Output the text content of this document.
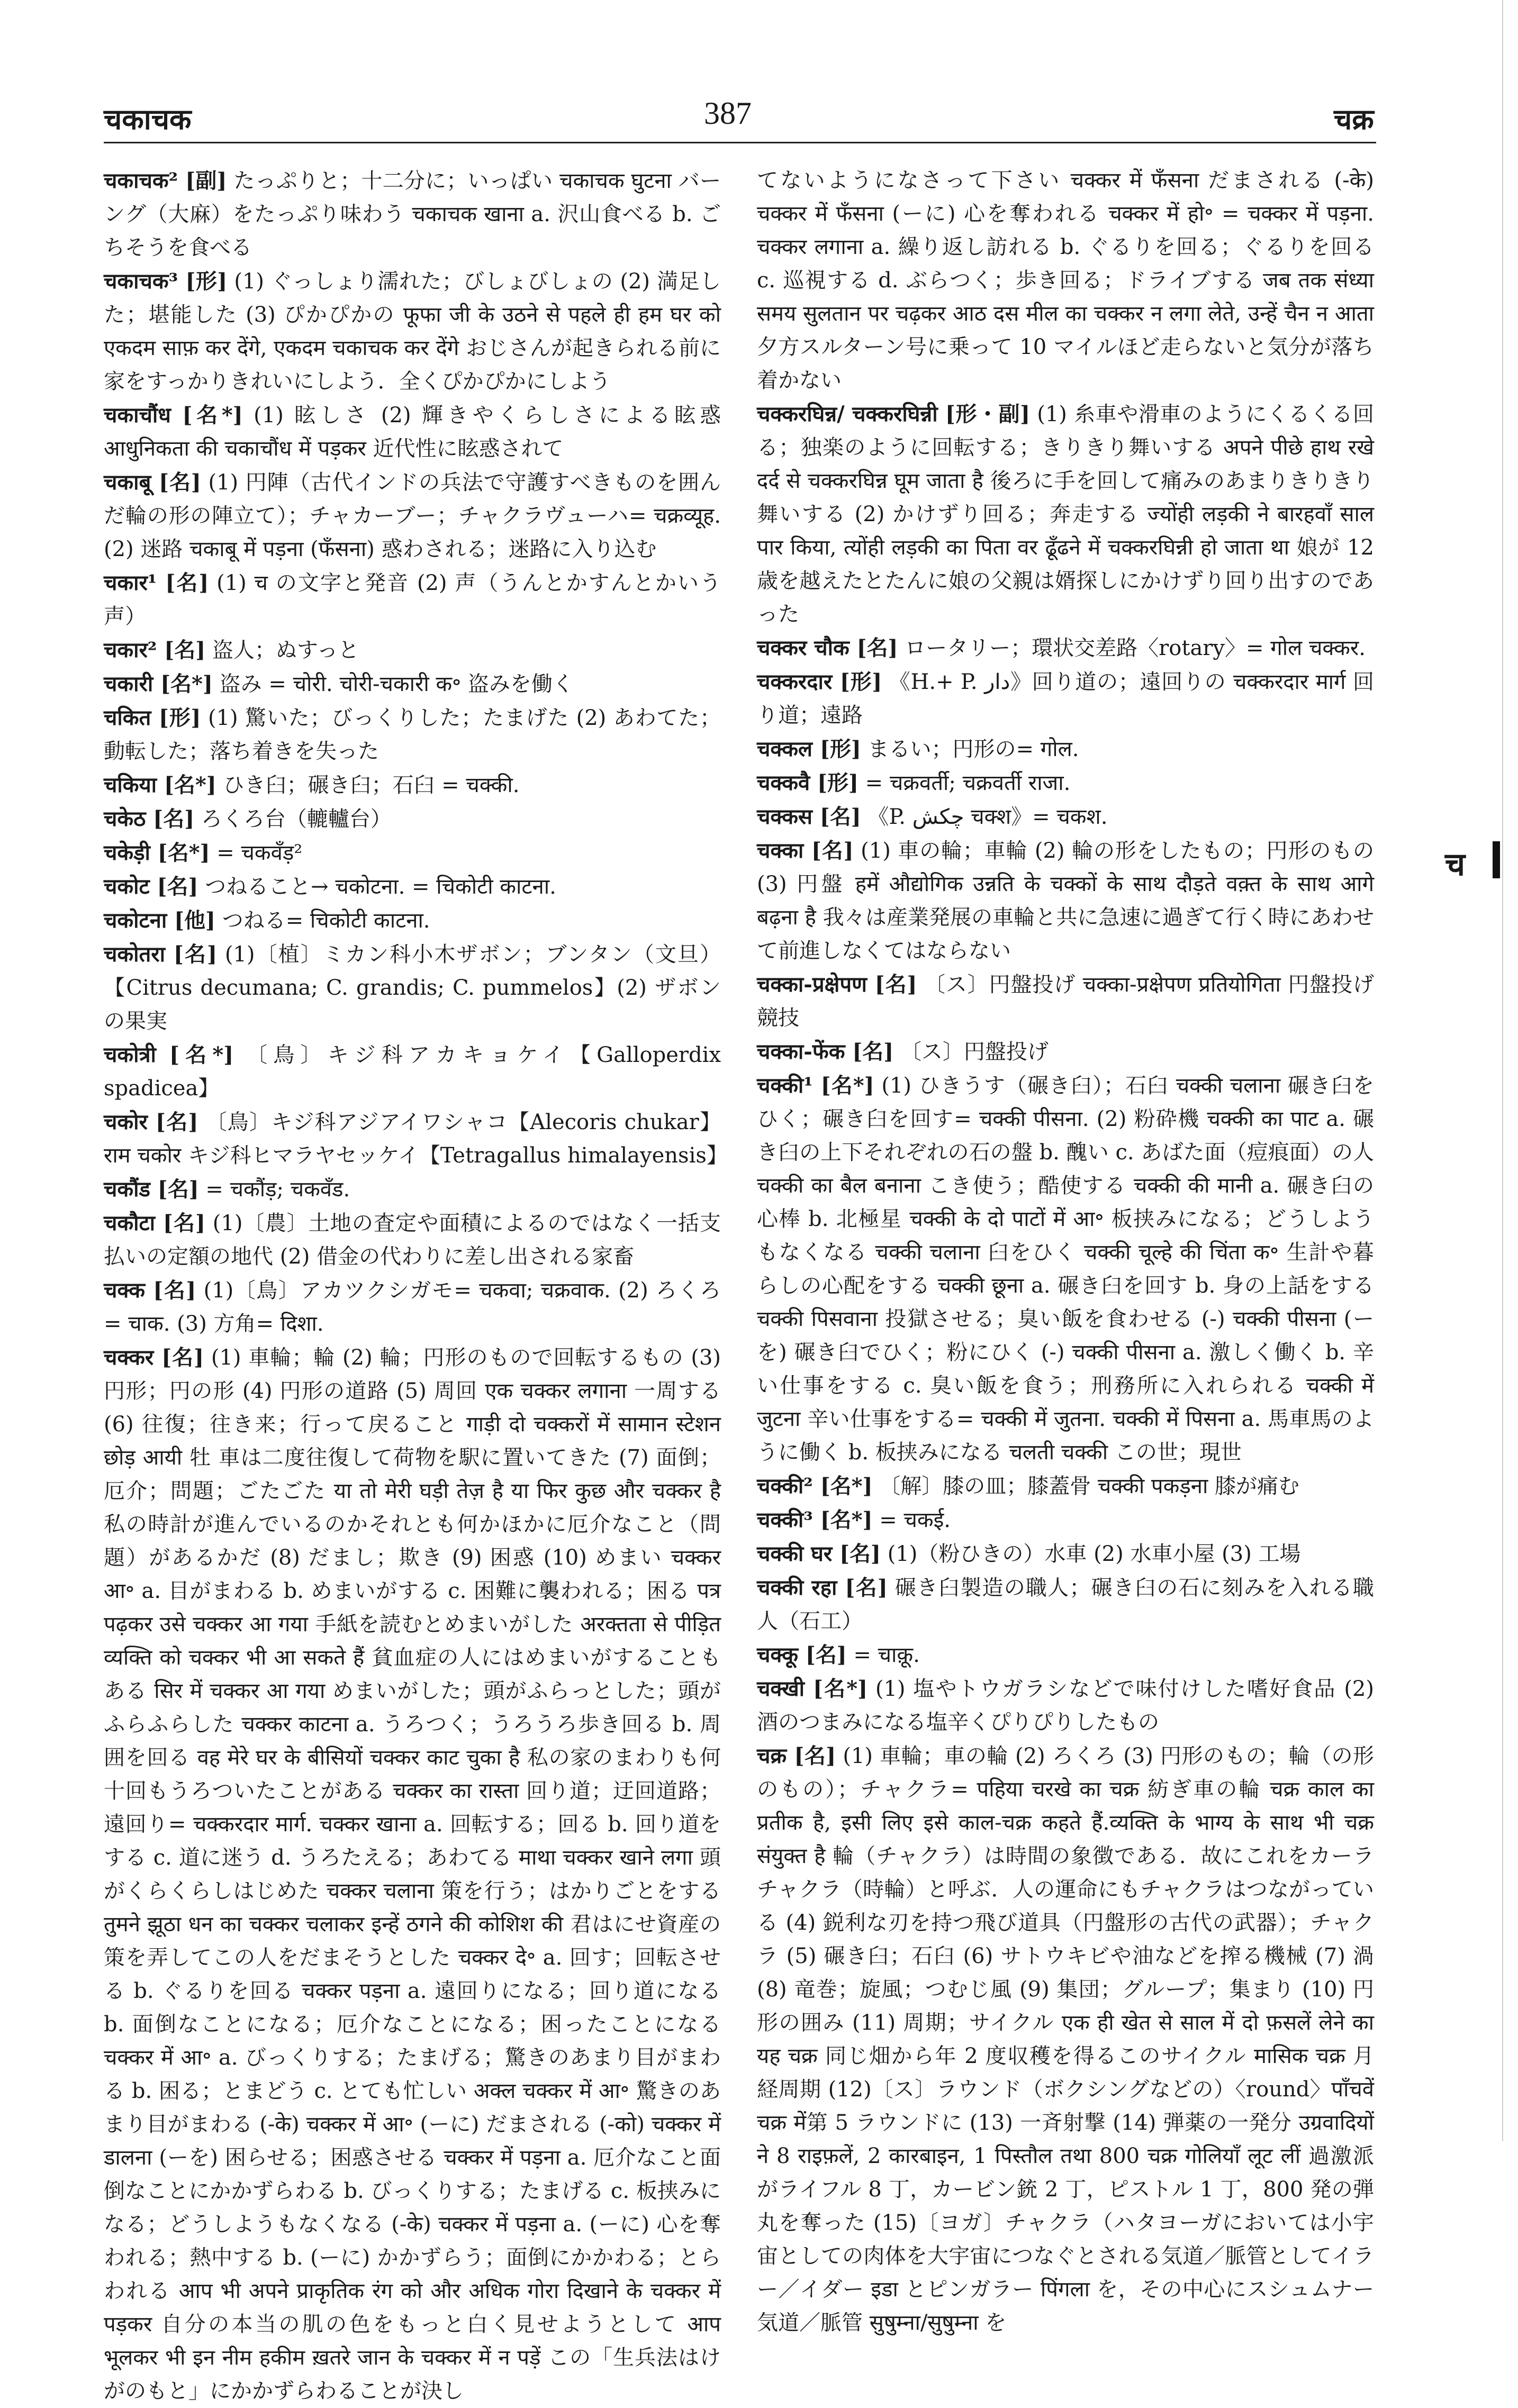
चकाचक	387	चक्र

चकाचक² [副] たっぷりと；十二分に；いっぱい चकाचक घुटना バーング（大麻）をたっぷり味わう चकाचक खाना a. 沢山食べる b. ごちそうを食べる

चकाचक³ [形] (1) ぐっしょり濡れた；びしょびしょの (2) 満足した；堪能した (3) ぴかぴかの फूफा जी के उठने से पहले ही हम घर को एकदम साफ़ कर देंगे, एकदम चकाचक कर देंगे おじさんが起きられる前に家をすっかりきれいにしよう．全くぴかぴかにしよう

चकाचौंध [名*] (1) 眩しさ (2) 輝きやくらしさによる眩惑 आधुनिकता की चकाचौंध में पड़कर 近代性に眩惑されて

चकाबू [名] (1) 円陣（古代インドの兵法で守護すべきものを囲んだ輪の形の陣立て）；チャカーブー；チャクラヴューハ= चक्रव्यूह. (2) 迷路 चकाबू में पड़ना (फँसना) 惑わされる；迷路に入り込む

चकार¹ [名] (1) च の文字と発音 (2) 声（うんとかすんとかいう声）

चकार² [名] 盗人；ぬすっと

चकारी [名*] 盗み = चोरी. चोरी-चकारी क॰ 盗みを働く

चकित [形] (1) 驚いた；びっくりした；たまげた (2) あわてた；動転した；落ち着きを失った

चकिया [名*] ひき臼；碾き臼；石臼 = चक्की.

चकेठ [名] ろくろ台（轆轤台）

चकेड़ी [名*] = चकवँड़²

चकोट [名] つねること→ चकोटना. = चिकोटी काटना.

चकोटना [他] つねる= चिकोटी काटना.

चकोतरा [名] (1)〔植〕ミカン科小木ザボン；ブンタン（文旦）【Citrus decumana; C. grandis; C. pummelos】(2) ザボンの果実

चकोत्री [名*] 〔鳥〕キジ科アカキョケイ【Galloperdix spadicea】

चकोर [名] 〔鳥〕キジ科アジアイワシャコ【Alecoris chukar】राम चकोर キジ科ヒマラヤセッケイ【Tetragallus himalayensis】

चकौंड [名] = चकौंड़; चकवँड.

चकौटा [名] (1)〔農〕土地の査定や面積によるのではなく一括支払いの定額の地代 (2) 借金の代わりに差し出される家畜

चक्क [名] (1)〔鳥〕アカツクシガモ= चकवा; चक्रवाक. (2) ろくろ= चाक. (3) 方角= दिशा.

चक्कर [名] (1) 車輪；輪 (2) 輪；円形のもので回転するもの (3) 円形；円の形 (4) 円形の道路 (5) 周回 एक चक्कर लगाना 一周する (6) 往復；往き来；行って戻ること गाड़ी दो चक्करों में सामान स्टेशन छोड़ आयी 牡 車は二度往復して荷物を駅に置いてきた (7) 面倒；厄介；問題；ごたごた या तो मेरी घड़ी तेज़ है या फिर कुछ और चक्कर है 私の時計が進んでいるのかそれとも何かほかに厄介なこと（問題）があるかだ (8) だまし；欺き (9) 困惑 (10) めまい चक्कर आ॰ a. 目がまわる b. めまいがする c. 困難に襲われる；困る पत्र पढ़कर उसे चक्कर आ गया 手紙を読むとめまいがした अरक्तता से पीड़ित व्यक्ति को चक्कर भी आ सकते हैं 貧血症の人にはめまいがすることもある सिर में चक्कर आ गया めまいがした；頭がふらっとした；頭がふらふらした चक्कर काटना a. うろつく；うろうろ歩き回る b. 周囲を回る वह मेरे घर के बीसियों चक्कर काट चुका है 私の家のまわりも何十回もうろついたことがある चक्कर का रास्ता 回り道；迂回道路；遠回り= चक्करदार मार्ग. चक्कर खाना a. 回転する；回る b. 回り道をする c. 道に迷う d. うろたえる；あわてる माथा चक्कर खाने लगा 頭がくらくらしはじめた चक्कर चलाना 策を行う；はかりごとをする तुमने झूठा धन का चक्कर चलाकर इन्हें ठगने की कोशिश की 君はにせ資産の策を弄してこの人をだまそうとした चक्कर दे॰ a. 回す；回転させる b. ぐるりを回る चक्कर पड़ना a. 遠回りになる；回り道になる b. 面倒なことになる；厄介なことになる；困ったことになる चक्कर में आ॰ a. びっくりする；たまげる；驚きのあまり目がまわる b. 困る；とまどう c. とても忙しい अक्ल चक्कर में आ॰ 驚きのあまり目がまわる (-के) चक्कर में आ॰ (ーに) だまされる (-को) चक्कर में डालना (ーを) 困らせる；困惑させる चक्कर में पड़ना a. 厄介なこと面倒なことにかかずらわる b. びっくりする；たまげる c. 板挟みになる；どうしようもなくなる (-के) चक्कर में पड़ना a. (ーに) 心を奪われる；熱中する b. (ーに) かかずらう；面倒にかかわる；とらわれる आप भी अपने प्राकृतिक रंग को और अधिक गोरा दिखाने के चक्कर में पड़कर 自分の本当の肌の色をもっと白く見せようとして आप भूलकर भी इन नीम हकीम ख़तरे जान के चक्कर में न पड़ें この「生兵法はけがのもと」にかかずらわることが決し

てないようになさって下さい चक्कर में फँसना だまされる (-के) चक्कर में फँसना (ーに) 心を奪われる चक्कर में हो॰ = चक्कर में पड़ना. चक्कर लगाना a. 繰り返し訪れる b. ぐるりを回る；ぐるりを回る c. 巡視する d. ぶらつく；歩き回る；ドライブする जब तक संध्या समय सुलतान पर चढ़कर आठ दस मील का चक्कर न लगा लेते, उन्हें चैन न आता 夕方スルターン号に乗って 10 マイルほど走らないと気分が落ち着かない

चक्करघिन्न/ चक्करघिन्नी [形・副] (1) 糸車や滑車のようにくるくる回る；独楽のように回転する；きりきり舞いする अपने पीछे हाथ रखे दर्द से चक्करघिन्न घूम जाता है 後ろに手を回して痛みのあまりきりきり舞いする (2) かけずり回る；奔走する ज्योंही लड़की ने बारहवाँ साल पार किया, त्योंही लड़की का पिता वर ढूँढने में चक्करघिन्नी हो जाता था 娘が 12 歳を越えたとたんに娘の父親は婿探しにかけずり回り出すのであった

चक्कर चौक [名] ロータリー；環状交差路〈rotary〉= गोल चक्कर.

चक्करदार [形] 《H.+ P. دار》回り道の；遠回りの चक्करदार मार्ग 回り道；遠路

चक्कल [形] まるい；円形の= गोल.

चक्कवै [形] = चक्रवर्ती; चक्रवर्ती राजा.

चक्कस [名] 《P. چکش चक्श》= चकश.

चक्का [名] (1) 車の輪；車輪 (2) 輪の形をしたもの；円形のもの (3) 円盤 हमें औद्योगिक उन्नति के चक्कों के साथ दौड़ते वक़्त के साथ आगे बढ़ना है 我々は産業発展の車輪と共に急速に過ぎて行く時にあわせて前進しなくてはならない

चक्का-प्रक्षेपण [名] 〔ス〕円盤投げ चक्का-प्रक्षेपण प्रतियोगिता 円盤投げ競技

चक्का-फेंक [名] 〔ス〕円盤投げ

चक्की¹ [名*] (1) ひきうす（碾き臼）；石臼 चक्की चलाना 碾き臼をひく；碾き臼を回す= चक्की पीसना. (2) 粉砕機 चक्की का पाट a. 碾き臼の上下それぞれの石の盤 b. 醜い c. あばた面（痘痕面）の人 चक्की का बैल बनाना こき使う；酷使する चक्की की मानी a. 碾き臼の心棒 b. 北極星 चक्की के दो पाटों में आ॰ 板挟みになる；どうしようもなくなる चक्की चलाना 臼をひく चक्की चूल्हे की चिंता क॰ 生計や暮らしの心配をする चक्की छूना a. 碾き臼を回す b. 身の上話をする चक्की पिसवाना 投獄させる；臭い飯を食わせる (-) चक्की पीसना (ーを) 碾き臼でひく；粉にひく (-) चक्की पीसना a. 激しく働く b. 辛い仕事をする c. 臭い飯を食う；刑務所に入れられる चक्की में जुटना 辛い仕事をする= चक्की में जुतना. चक्की में पिसना a. 馬車馬のように働く b. 板挟みになる चलती चक्की この世；現世

चक्की² [名*] 〔解〕膝の皿；膝蓋骨 चक्की पकड़ना 膝が痛む

चक्की³ [名*] = चकई.

चक्की घर [名] (1)（粉ひきの）水車 (2) 水車小屋 (3) 工場

चक्की रहा [名] 碾き臼製造の職人；碾き臼の石に刻みを入れる職人（石工）

चक्कू [名] = चाक़ू.

चक्खी [名*] (1) 塩やトウガラシなどで味付けした嗜好食品 (2) 酒のつまみになる塩辛くぴりぴりしたもの

चक्र [名] (1) 車輪；車の輪 (2) ろくろ (3) 円形のもの；輪（の形のもの）；チャクラ= पहिया चरखे का चक्र 紡ぎ車の輪 चक्र काल का प्रतीक है, इसी लिए इसे काल-चक्र कहते हैं.व्यक्ति के भाग्य के साथ भी चक्र संयुक्त है 輪（チャクラ）は時間の象徴である．故にこれをカーラチャクラ（時輪）と呼ぶ．人の運命にもチャクラはつながっている (4) 鋭利な刃を持つ飛び道具（円盤形の古代の武器）；チャクラ (5) 碾き臼；石臼 (6) サトウキビや油などを搾る機械 (7) 渦 (8) 竜巻；旋風；つむじ風 (9) 集団；グループ；集まり (10) 円形の囲み (11) 周期；サイクル एक ही खेत से साल में दो फ़सलें लेने का यह चक्र 同じ畑から年 2 度収穫を得るこのサイクル मासिक चक्र 月経周期 (12)〔ス〕ラウンド（ボクシングなどの）〈round〉पाँचवें चक्र में第 5 ラウンドに (13) 一斉射撃 (14) 弾薬の一発分 उग्रवादियों ने 8 राइफ़लें, 2 कारबाइन, 1 पिस्तौल तथा 800 चक्र गोलियाँ लूट लीं 過激派がライフル 8 丁，カービン銃 2 丁，ピストル 1 丁，800 発の弾丸を奪った (15)〔ヨガ〕チャクラ（ハタヨーガにおいては小宇宙としての肉体を大宇宙につなぐとされる気道／脈管としてイラー／イダー इडा とピンガラー पिंगला を，その中心にスシュムナー気道／脈管 सुषुम्ना/सुषुम्ना を

च
